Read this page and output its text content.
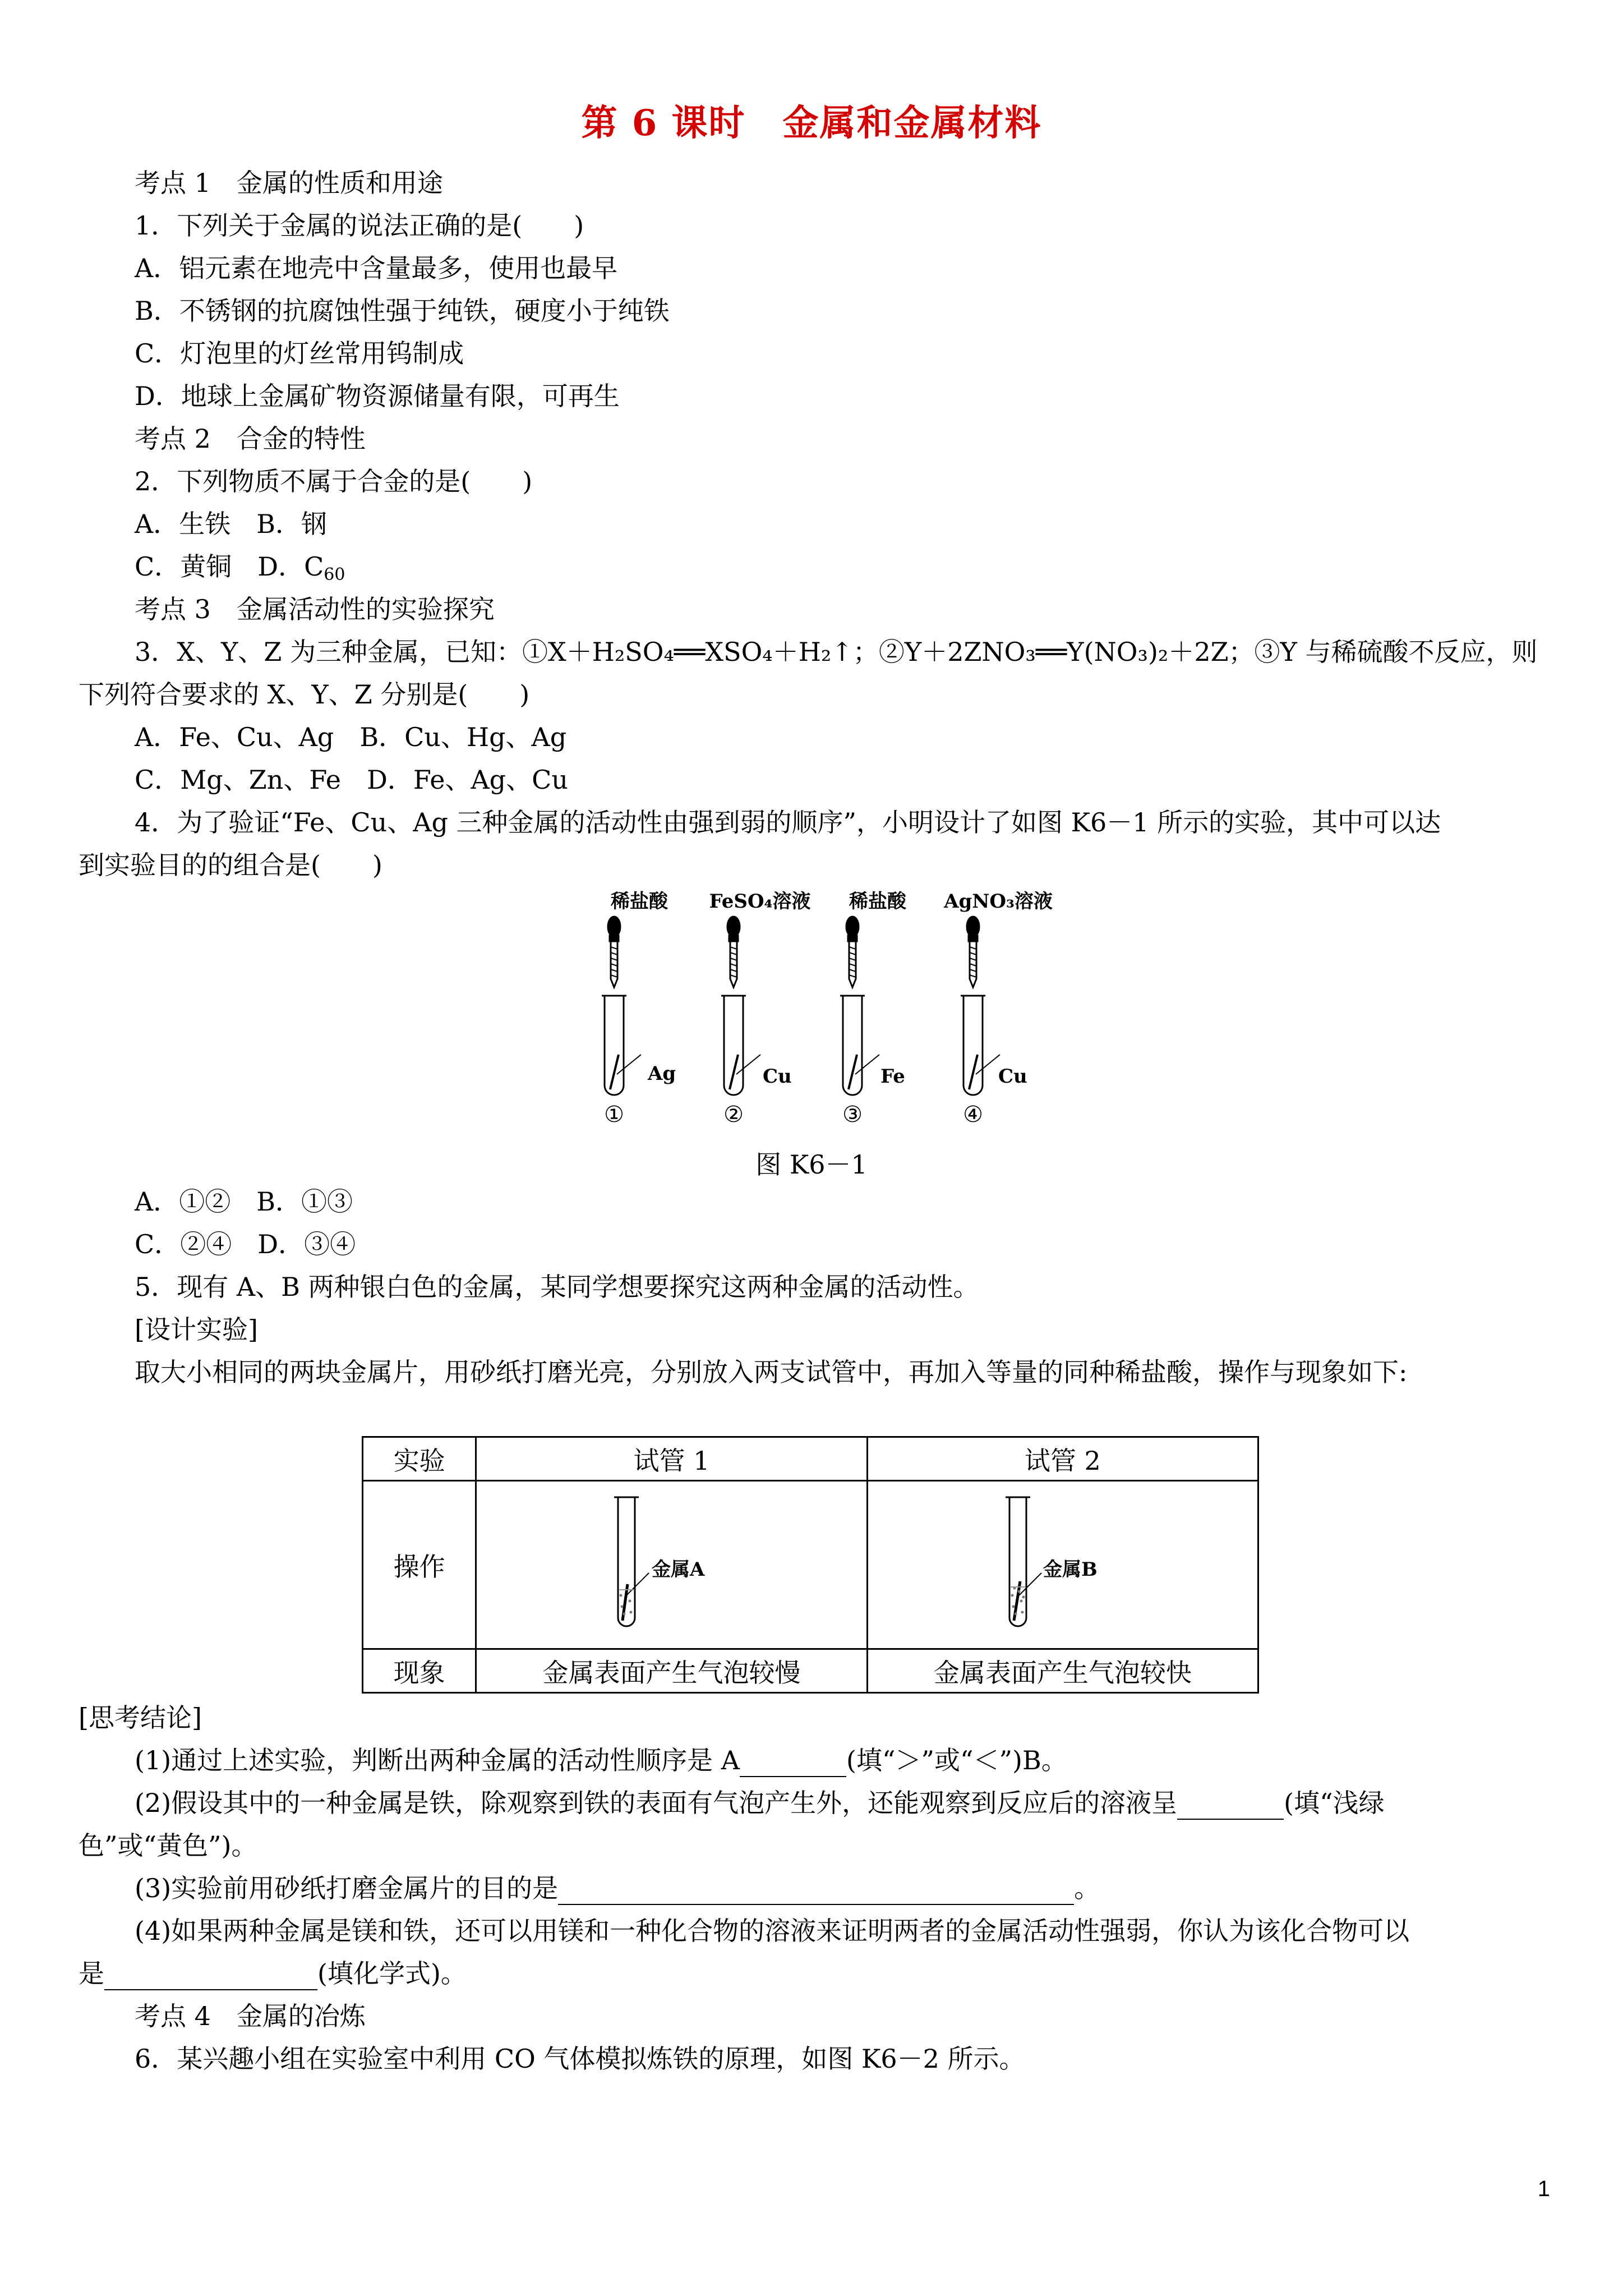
第 6 课时　金属和金属材料
考点 1　金属的性质和用途
1．下列关于金属的说法正确的是(　　)
A．铝元素在地壳中含量最多，使用也最早
B．不锈钢的抗腐蚀性强于纯铁，硬度小于纯铁
C．灯泡里的灯丝常用钨制成
D．地球上金属矿物资源储量有限，可再生
考点 2　合金的特性
2．下列物质不属于合金的是(　　)
A．生铁　B．钢
C．黄铜　D．$C_{60}$
考点 3　金属活动性的实验探究
3．X、Y、Z 为三种金属，已知：①X＋H₂SO₄══XSO₄＋H₂↑；②Y＋2ZNO₃══Y(NO₃)₂＋2Z；③Y 与稀硫酸不反应，则
下列符合要求的 X、Y、Z 分别是(　　)
A．Fe、Cu、Ag　B．Cu、Hg、Ag
C．Mg、Zn、Fe　D．Fe、Ag、Cu
4．为了验证“Fe、Cu、Ag 三种金属的活动性由强到弱的顺序”，小明设计了如图 K6－1 所示的实验，其中可以达
到实验目的的组合是(　　)
稀盐酸 FeSO₄溶液 稀盐酸 AgNO₃溶液
Ag	Cu	Fe	Cu
①	②	③	④
图 K6－1
A．①②　B．①③
C．②④　D．③④
5．现有 A、B 两种银白色的金属，某同学想要探究这两种金属的活动性。
[设计实验]
取大小相同的两块金属片，用砂纸打磨光亮，分别放入两支试管中，再加入等量的同种稀盐酸，操作与现象如下:
实验	试管 1	试管 2
操作	金属A	金属B

现象	金属表面产生气泡较慢	金属表面产生气泡较快
[思考结论]
(1)通过上述实验，判断出两种金属的活动性顺序是 A	(填“＞”或“＜”)B。
(2)假设其中的一种金属是铁，除观察到铁的表面有气泡产生外，还能观察到反应后的溶液呈	(填“浅绿
色”或“黄色”)。
(3)实验前用砂纸打磨金属片的目的是	。
(4)如果两种金属是镁和铁，还可以用镁和一种化合物的溶液来证明两者的金属活动性强弱，你认为该化合物可以
是	(填化学式)。
考点 4　金属的冶炼
6．某兴趣小组在实验室中利用 CO 气体模拟炼铁的原理，如图 K6－2 所示。
1
